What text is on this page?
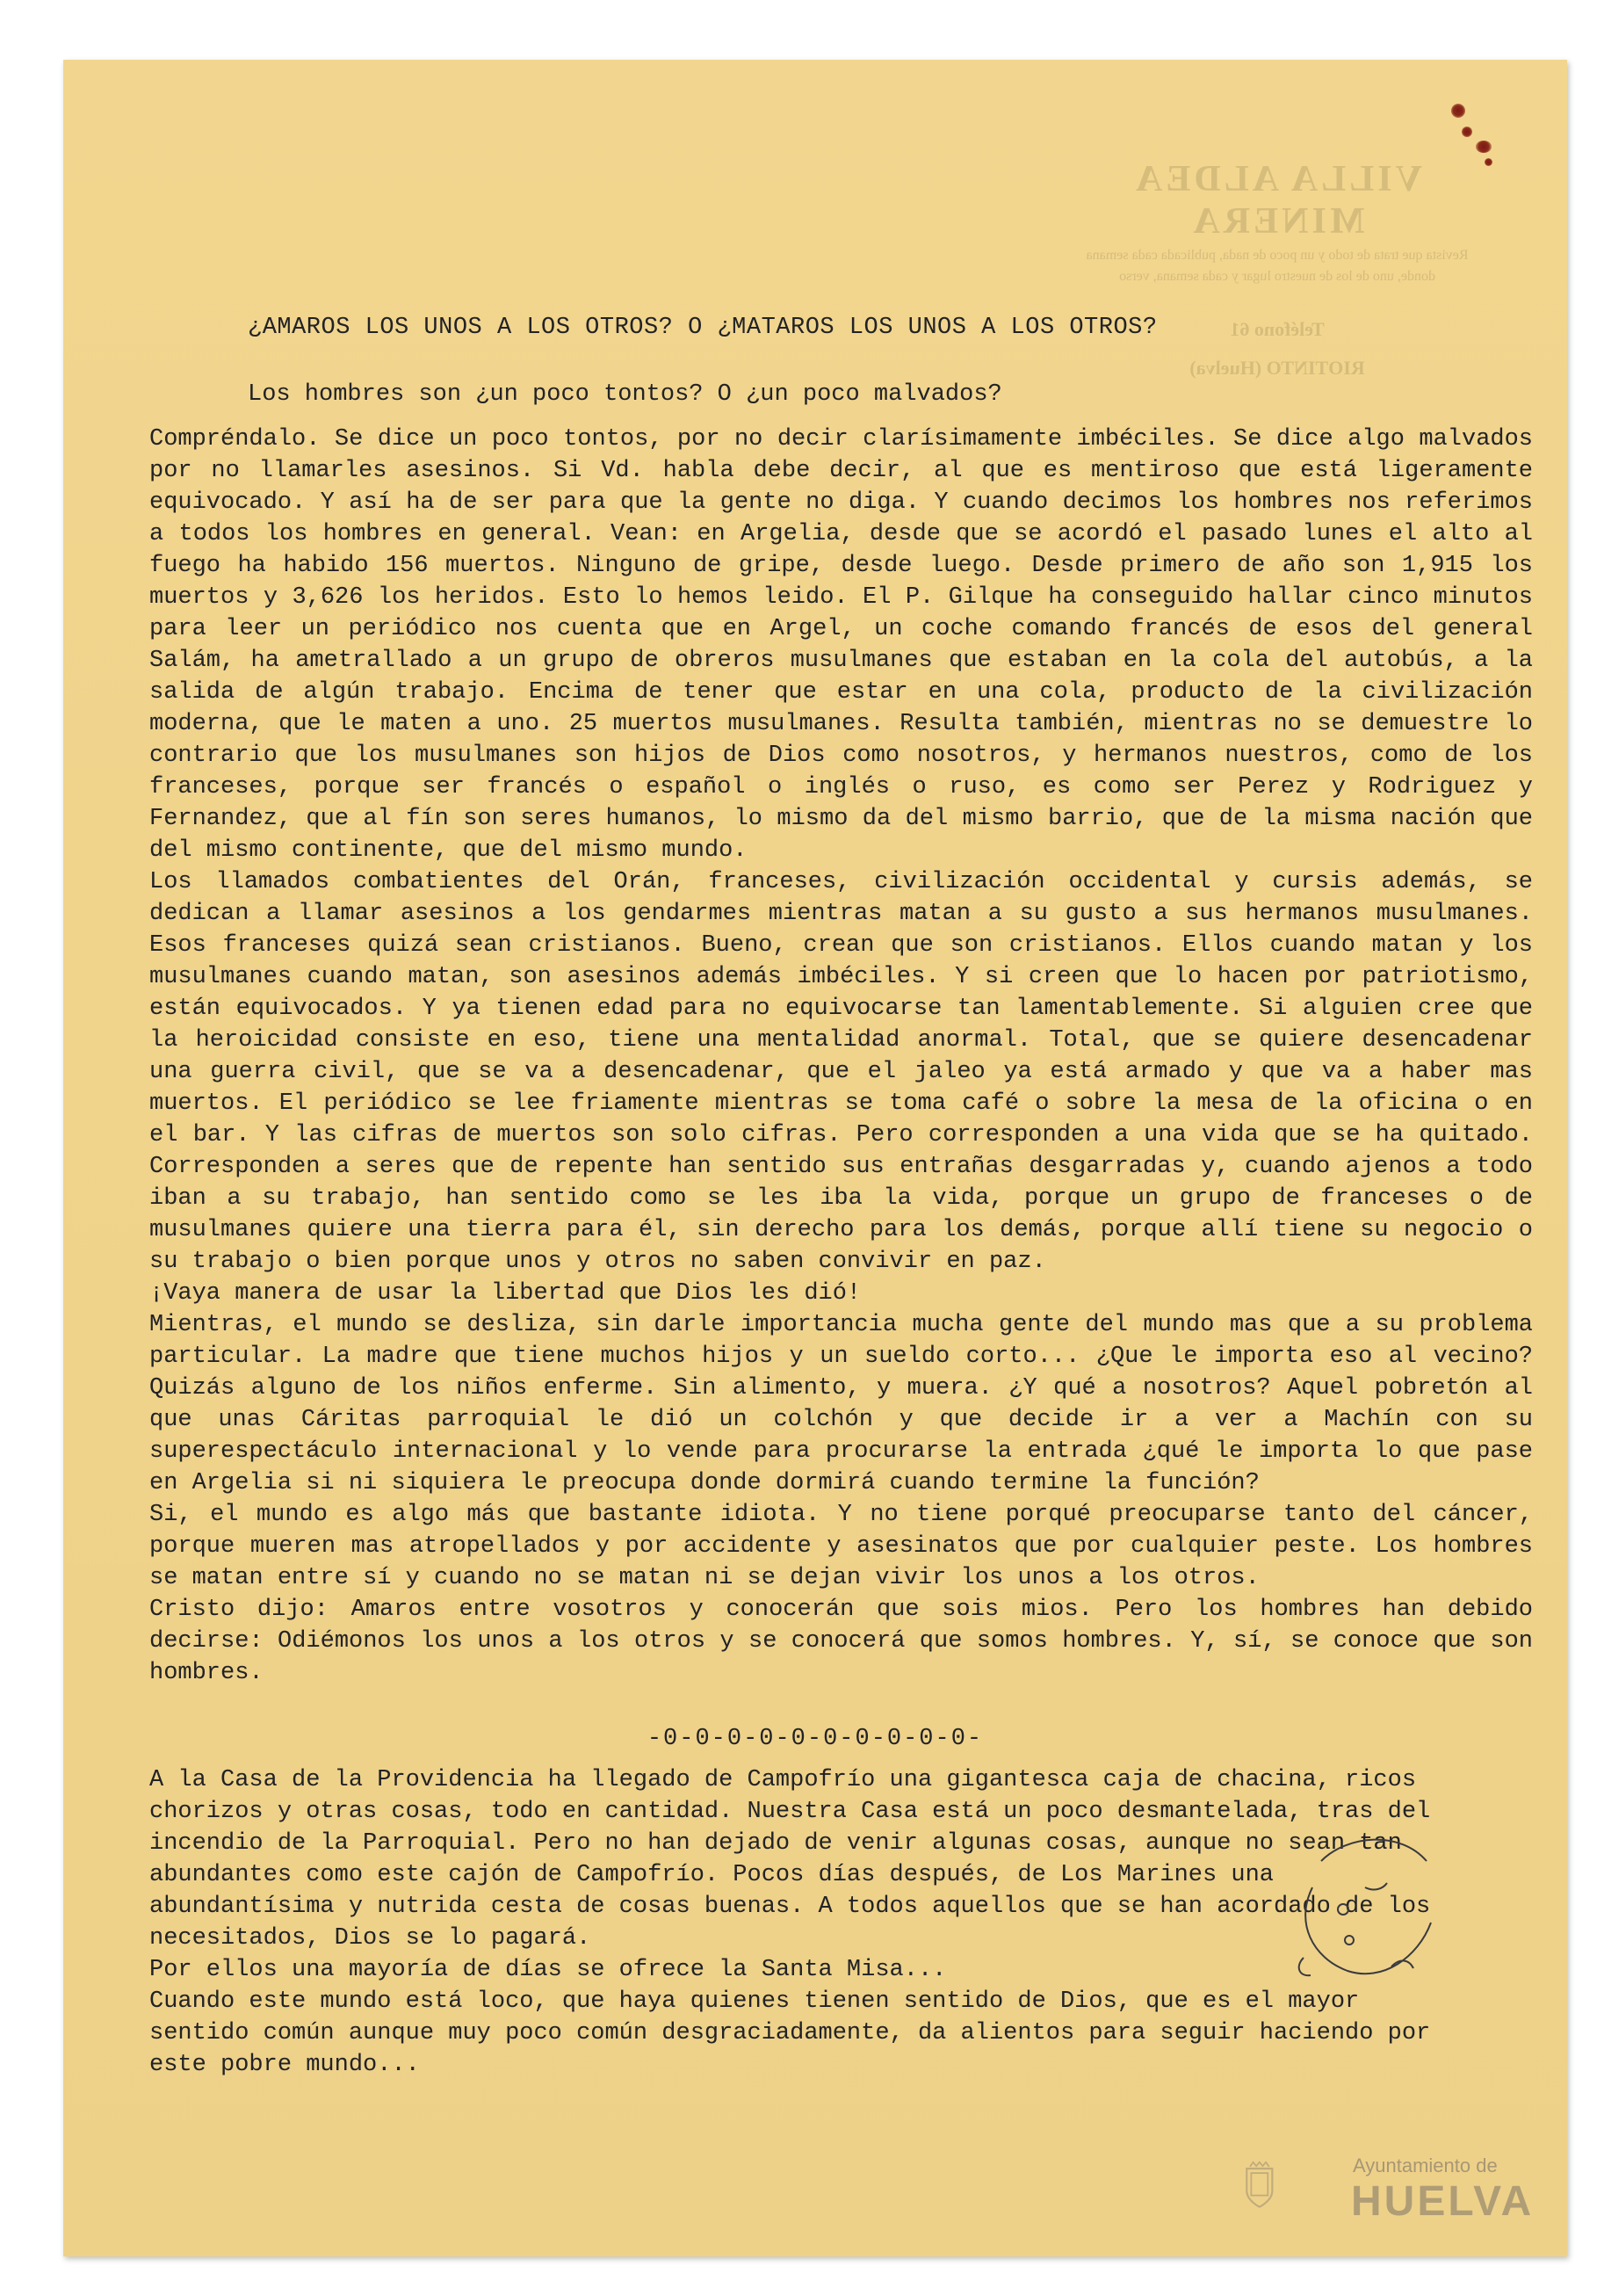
VILLA ALDEA MINERA
Revista que trata de todo y un poco de nada, publicada cada semana
donde, uno de los de nuestro lugar y cada semana, verso
Teléfono 61
RIOTINTO (Huelva)
¿AMAROS LOS UNOS A LOS OTROS? O ¿MATAROS LOS UNOS A LOS OTROS?
Los hombres son ¿un poco tontos? O ¿un poco malvados?

Compréndalo. Se dice un poco tontos, por no decir clarísimamente imbéciles. Se dice algo malvados por no llamarles asesinos. Si Vd. habla debe decir, al que es mentiroso que está ligeramente equivocado. Y así ha de ser para que la gente no diga. Y cuando decimos los hombres nos referimos a todos los hombres en general. Vean: en Argelia, desde que se acordó el pasado lunes el alto al fuego ha habido 156 muertos. Ninguno de gripe, desde luego. Desde primero de año son 1,915 los muertos y 3,626 los heridos. Esto lo hemos leido. El P. Gilque ha conseguido hallar cinco minutos para leer un periódico nos cuenta que en Argel, un coche comando francés de esos del general Salám, ha ametrallado a un grupo de obreros musulmanes que estaban en la cola del autobús, a la salida de algún trabajo. Encima de tener que estar en una cola, producto de la civilización moderna, que le maten a uno. 25 muertos musulmanes. Resulta también, mientras no se demuestre lo contrario que los musulmanes son hijos de Dios como nosotros, y hermanos nuestros, como de los franceses, porque ser francés o español o inglés o ruso, es como ser Perez y Rodriguez y Fernandez, que al fín son seres humanos, lo mismo da del mismo barrio, que de la misma nación que del mismo continente, que del mismo mundo.

Los llamados combatientes del Orán, franceses, civilización occidental y cursis además, se dedican a llamar asesinos a los gendarmes mientras matan a su gusto a sus hermanos musulmanes. Esos franceses quizá sean cristianos. Bueno, crean que son cristianos. Ellos cuando matan y los musulmanes cuando matan, son asesinos además imbéciles. Y si creen que lo hacen por patriotismo, están equivocados. Y ya tienen edad para no equivocarse tan lamentablemente. Si alguien cree que la heroicidad consiste en eso, tiene una mentalidad anormal. Total, que se quiere desencadenar una guerra civil, que se va a desencadenar, que el jaleo ya está armado y que va a haber mas muertos. El periódico se lee friamente mientras se toma café o sobre la mesa de la oficina o en el bar. Y las cifras de muertos son solo cifras. Pero corresponden a una vida que se ha quitado. Corresponden a seres que de repente han sentido sus entrañas desgarradas y, cuando ajenos a todo iban a su trabajo, han sentido como se les iba la vida, porque un grupo de franceses o de musulmanes quiere una tierra para él, sin derecho para los demás, porque allí tiene su negocio o su trabajo o bien porque unos y otros no saben convivir en paz.

¡Vaya manera de usar la libertad que Dios les dió!

Mientras, el mundo se desliza, sin darle importancia mucha gente del mundo mas que a su problema particular. La madre que tiene muchos hijos y un sueldo corto... ¿Que le importa eso al vecino? Quizás alguno de los niños enferme. Sin alimento, y muera. ¿Y qué a nosotros? Aquel pobretón al que unas Cáritas parroquial le dió un colchón y que decide ir a ver a Machín con su superespectáculo internacional y lo vende para procurarse la entrada ¿qué le importa lo que pase en Argelia si ni siquiera le preocupa donde dormirá cuando termine la función?

Si, el mundo es algo más que bastante idiota. Y no tiene porqué preocuparse tanto del cáncer, porque mueren mas atropellados y por accidente y asesinatos que por cualquier peste. Los hombres se matan entre sí y cuando no se matan ni se dejan vivir los unos a los otros.

Cristo dijo: Amaros entre vosotros y conocerán que sois mios. Pero los hombres han debido decirse: Odiémonos los unos a los otros y se conocerá que somos hombres. Y, sí, se conoce que son hombres.

-0-0-0-0-0-0-0-0-0-0-

A la Casa de la Providencia ha llegado de Campofrío una gigantesca caja de chacina, ricos chorizos y otras cosas, todo en cantidad. Nuestra Casa está un poco desmantelada, tras del incendio de la Parroquial. Pero no han dejado de venir algunas cosas, aunque no sean tan abundantes como este cajón de Campofrío. Pocos días después, de Los Marines una abundantísima y nutrida cesta de cosas buenas. A todos aquellos que se han acordado de los necesitados, Dios se lo pagará.

Por ellos una mayoría de días se ofrece la Santa Misa...

Cuando este mundo está loco, que haya quienes tienen sentido de Dios, que es el mayor sentido común aunque muy poco común desgraciadamente, da alientos para seguir haciendo por este pobre mundo...

Ayuntamiento de
HUELVA
